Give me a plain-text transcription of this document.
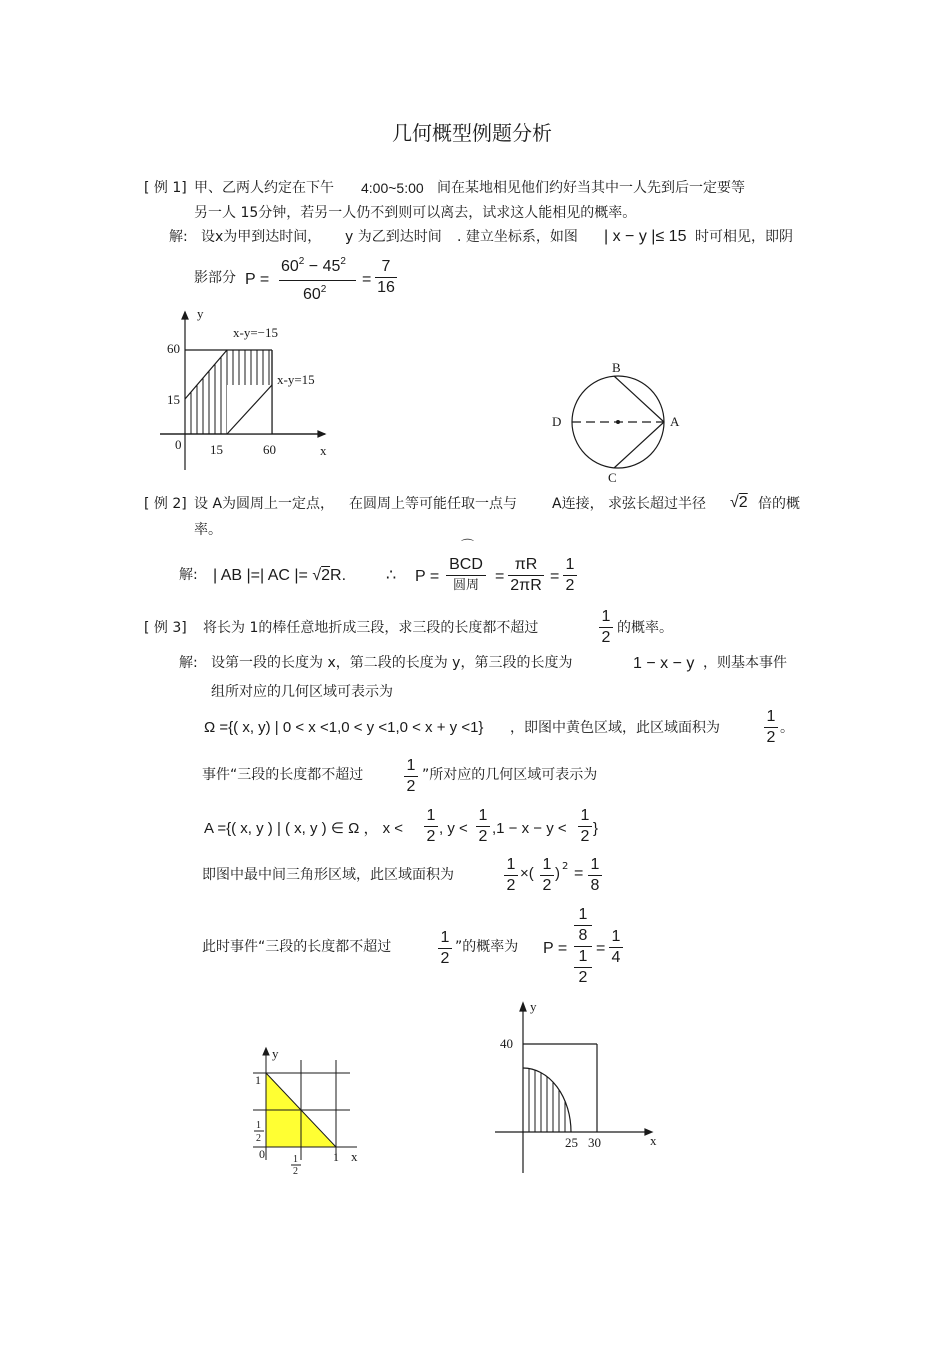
几何概型例题分析
[ 例 1] 甲、乙两人约定在下午 4:00~5:00 间在某地相见他们约好当其中一人先到后一定要等
另一人 15分钟，若另一人仍不到则可以离去，试求这人能相见的概率。
解: 设x为甲到达时间， y 为乙到达时间 . 建立坐标系，如图 | x − y |≤ 15 时可相见，即阴
影部分 P =
$60^2 - 45^2$
$60^2$
=
7
16
y
x
60
15
0 15	60
x-y=−15
x-y=15
B
C
D	A
[ 例 2] 设 A为圆周上一定点， 在圆周上等可能任取一点与	A连接， 求弦长超过半径 √2 倍的概
率。
解: | AB |=| AC |= √2R. ∴ P =
⌒
BCD
圆周 =
πR
2πR
=
1
2
[ 例 3] 将长为 1的棒任意地折成三段，求三段的长度都不超过
1
2
的概率。
解: 设第一段的长度为 x，第二段的长度为 y，第三段的长度为	1 − x − y ，则基本事件
组所对应的几何区域可表示为
Ω ={( x, y) | 0 < x <1,0 < y <1,0 < x + y <1} ，即图中黄色区域，此区域面积为
1
2
。
事件“三段的长度都不超过
1
2
”所对应的几何区域可表示为
A ={( x, y ) | ( x, y ) ∈ Ω ， x <
1
2 , y <
1
2 ,1 − x − y <
1
2 }
即图中最中间三角形区域，此区域面积为
1
2
×(
1
2
) 2 =
1
8
此时事件“三段的长度都不超过
1
2
”的概率为 P =
1
8
1
2
=
1
4
y
x
1
1
2
0	1
2
1
y
x
40
25 30
